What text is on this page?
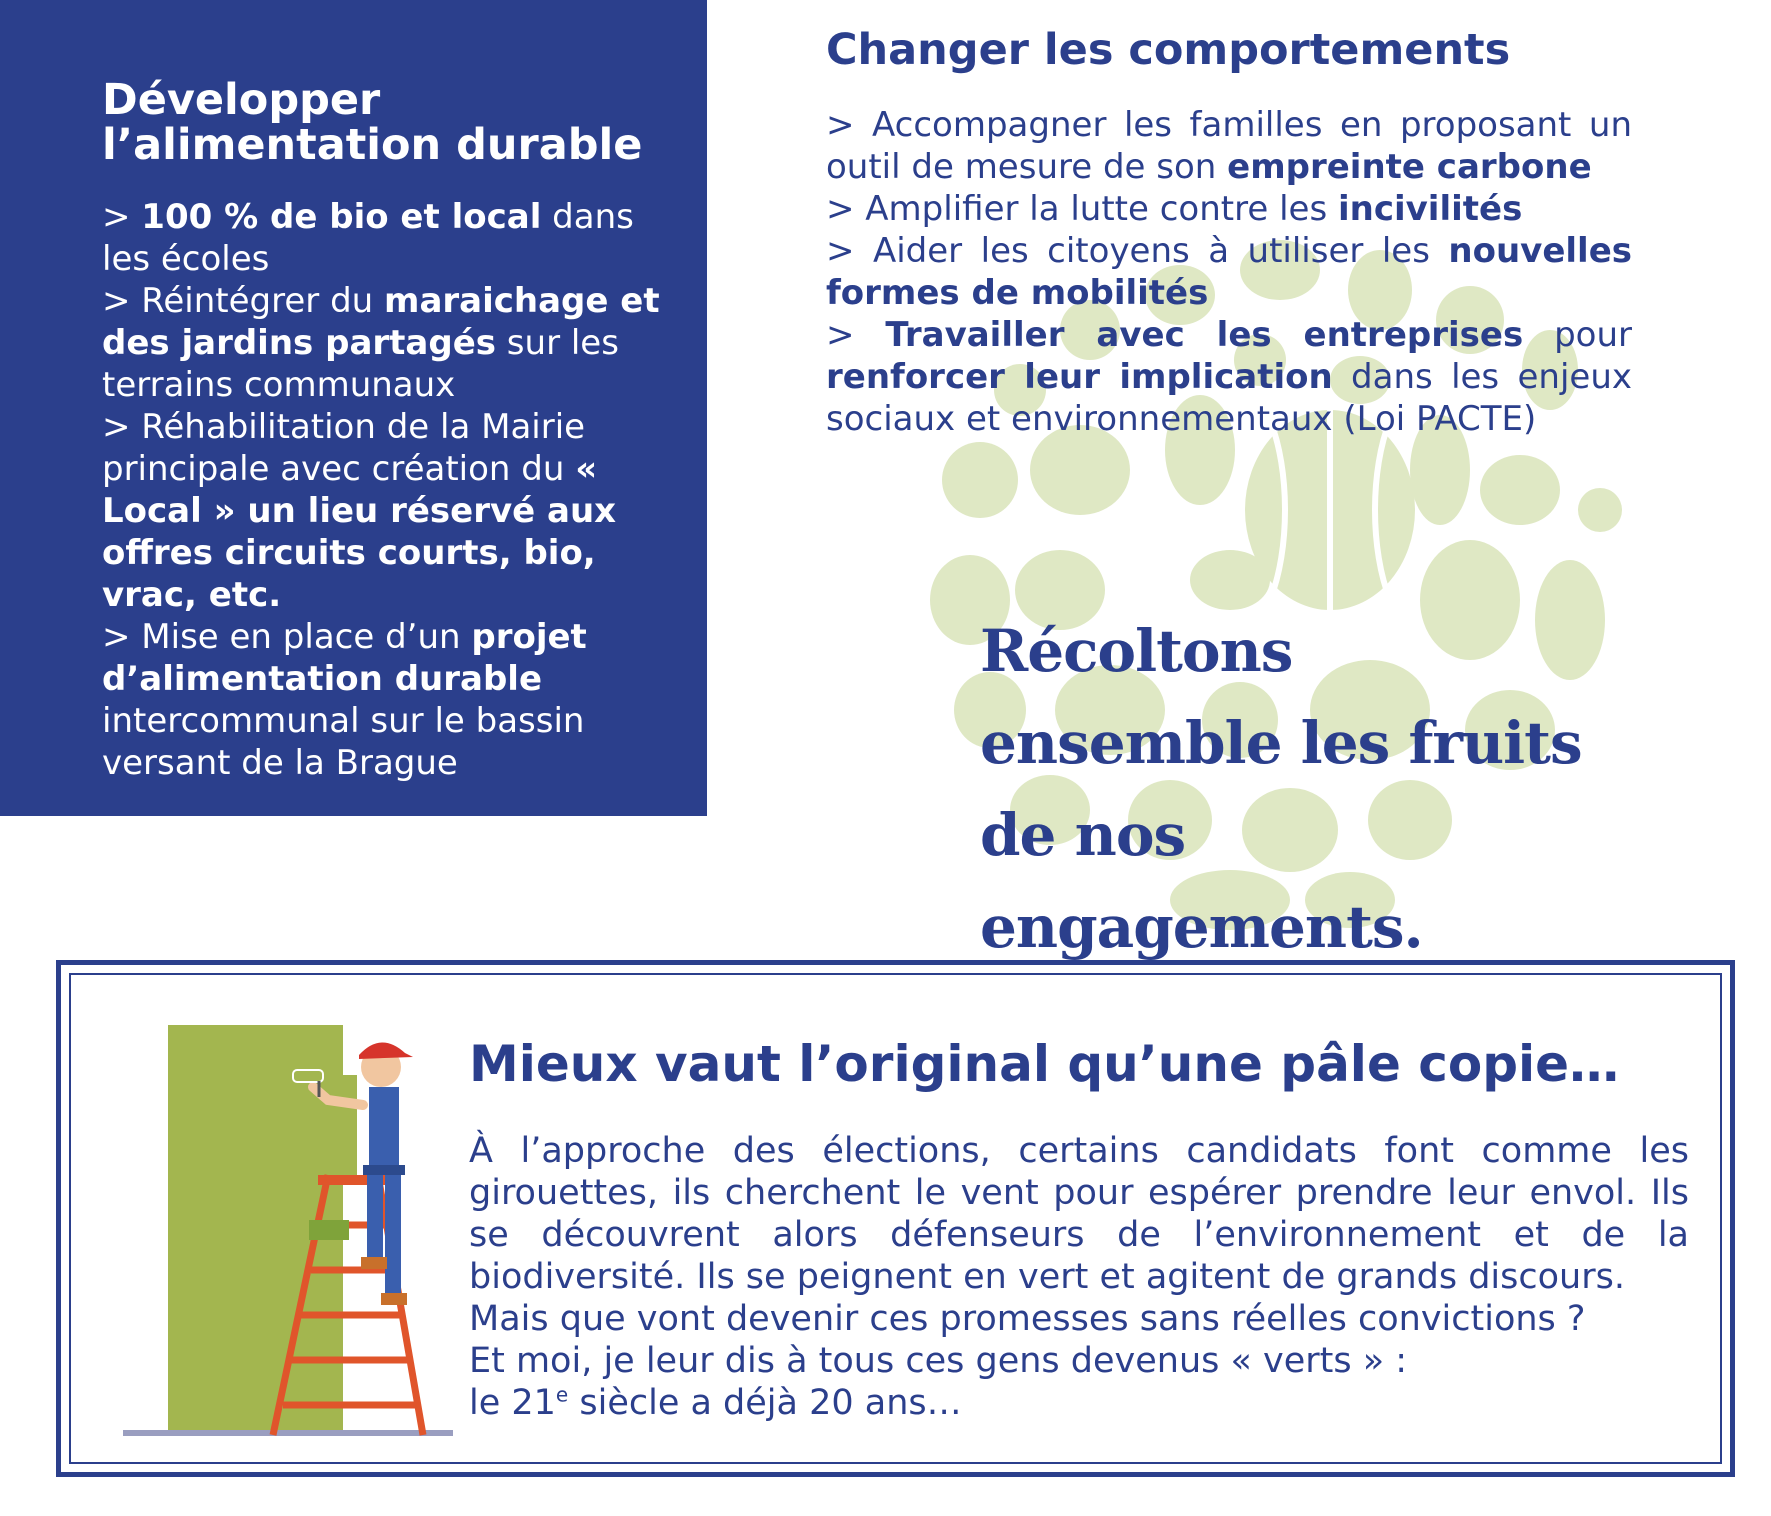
Développer
l’alimentation durable
> 100 % de bio et local dans les écoles
> Réintégrer du maraichage et des jardins partagés sur les terrains communaux
> Réhabilitation de la Mairie principale avec création du « Local » un lieu réservé aux offres circuits courts, bio, vrac, etc.
> Mise en place d’un projet d’alimentation durable intercommunal sur le bassin versant de la Brague
Changer les comportements
> Accompagner les familles en proposant un outil de mesure de son empreinte carbone
> Amplifier la lutte contre les incivilités
> Aider les citoyens à utiliser les nouvelles formes de mobilités
> Travailler avec les entreprises pour renforcer leur implication dans les enjeux sociaux et environnementaux (Loi PACTE)
Récoltons
ensemble les fruits
de nos engagements.
Mieux vaut l’original qu’une pâle copie…

À l’approche des élections, certains candidats font comme les girouettes, ils cherchent le vent pour espérer prendre leur envol. Ils se découvrent alors défenseurs de l’environnement et de la biodiversité. Ils se peignent en vert et agitent de grands discours.

Mais que vont devenir ces promesses sans réelles convictions ?

Et moi, je leur dis à tous ces gens devenus « verts » :

le 21e siècle a déjà 20 ans…
